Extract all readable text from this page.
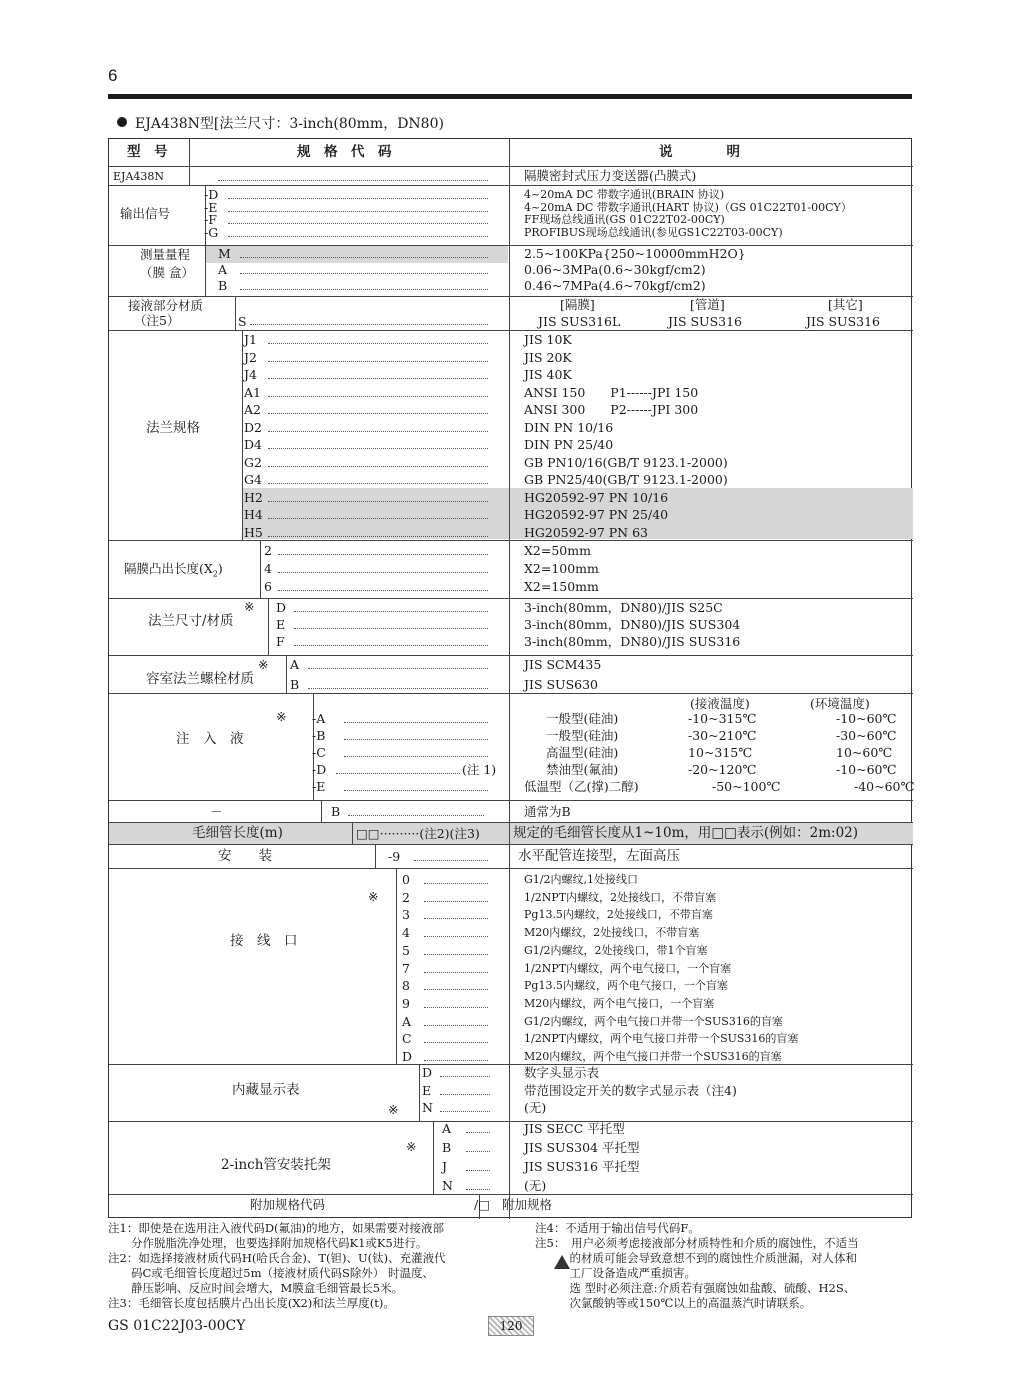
6
EJA438N型[法兰尺寸：3-inch(80mm，DN80)
型　号	规　格　代　码	说　　　　明
EJA438N	隔膜密封式压力变送器(凸膜式)
输出信号
-D	4~20mA DC 带数字通讯(BRAIN 协议)
-E	4~20mA DC 带数字通讯(HART 协议)（GS 01C22T01-00CY）
-F	FF现场总线通讯(GS 01C22T02-00CY)
-G	PROFIBUS现场总线通讯(参见GS1C22T03-00CY)
测量量程
（膜 盒）
M	2.5~100KPa{250~10000mmH2O}
A	0.06~3MPa(0.6~30kgf/cm2)
B	0.46~7MPa(4.6~70kgf/cm2)
接液部分材质
（注5）	S
[隔膜]	[管道]	[其它]
JIS SUS316L	JIS SUS316	JIS SUS316
法兰规格
J1	JIS 10K
J2	JIS 20K
J4	JIS 40K
A1	ANSI 150　　P1------JPI 150
A2	ANSI 300　　P2------JPI 300
D2	DIN PN 10/16
D4	DIN PN 25/40
G2	GB PN10/16(GB/T 9123.1-2000)
G4	GB PN25/40(GB/T 9123.1-2000)
H2	HG20592-97 PN 10/16
H4	HG20592-97 PN 25/40
H5	HG20592-97 PN 63
隔膜凸出长度$(X_2)$
2	X2=50mm
4	X2=100mm
6	X2=150mm
※
法兰尺寸/材质
D	3-inch(80mm，DN80)/JIS S25C
E	3-inch(80mm，DN80)/JIS SUS304
F	3-inch(80mm，DN80)/JIS SUS316
※
容室法兰螺栓材质
A	JIS SCM435
B	JIS SUS630
※
注　入　液
(接液温度)	(环境温度)
-A	一般型(硅油)	-10~315℃	-10~60℃
-B	一般型(硅油)	-30~210℃	-30~60℃
-C	高温型(硅油)	10~315℃	10~60℃
-D	(注 1)	禁油型(氟油)	-20~120℃	-10~60℃
-E	低温型（乙(撑)二醇)	-50~100℃	-40~60℃
－	B	通常为B
毛细管长度(m)	□□··········(注2)(注3) 规定的毛细管长度从1~10m，用□□表示(例如：2m:02)
安　　装	-9	水平配管连接型，左面高压
※
接　线　口
0	G1/2内螺纹,1处接线口
2	1/2NPT内螺纹，2处接线口，不带盲塞
3	Pg13.5内螺纹，2处接线口，不带盲塞
4	M20内螺纹，2处接线口，不带盲塞
5	G1/2内螺纹，2处接线口，带1个盲塞
7	1/2NPT内螺纹，两个电气接口，一个盲塞
8	Pg13.5内螺纹，两个电气接口，一个盲塞
9	M20内螺纹，两个电气接口，一个盲塞
A	G1/2内螺纹，两个电气接口并带一个SUS316的盲塞
C	1/2NPT内螺纹，两个电气接口并带一个SUS316的盲塞
D	M20内螺纹，两个电气接口并带一个SUS316的盲塞
内藏显示表
※
D	数字头显示表
E	带范围设定开关的数字式显示表（注4)
N	(无)
※
2-inch管安装托架
A	JIS SECC 平托型
B	JIS SUS304 平托型
J	JIS SUS316 平托型
N	(无)
附加规格代码	/□ 附加规格
注1：即使是在选用注入液代码D(氟油)的地方，如果需要对接液部
　　分作脱脂洗净处理，也要选择附加规格代码K1或K5进行。
注2：如选择接液材质代码H(哈氏合金)、T(钽)、U(钛)、充灌液代
　　码C或毛细管长度超过5m（接液材质代码S除外） 时温度、
　　静压影响、反应时间会增大，M膜盒毛细管最长5米。
注3：毛细管长度包括膜片凸出长度(X2)和法兰厚度(t)。
注4：不适用于输出信号代码F。
注5：　用户必须考虑接液部分材质特性和介质的腐蚀性，不适当
　　　的材质可能会导致意想不到的腐蚀性介质泄漏，对人体和
　　　工厂设备造成严重损害。
　　　选 型时必须注意:介质若有强腐蚀如盐酸、硫酸、H2S、
　　　次氯酸钠等或150℃以上的高温蒸汽时请联系。
GS 01C22J03-00CY	120
